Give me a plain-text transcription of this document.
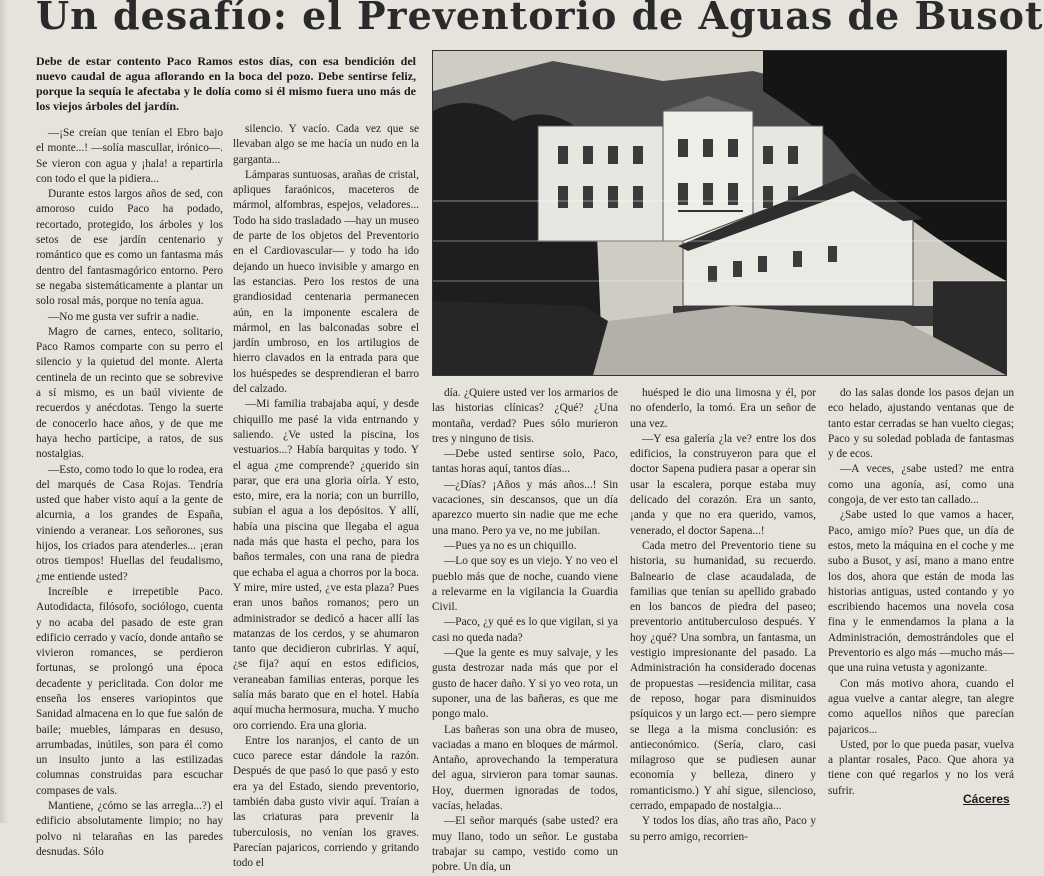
Un desafío: el Preventorio de Aguas de Busot
Debe de estar contento Paco Ramos estos días, con esa bendición del nuevo caudal de agua aflorando en la boca del pozo. Debe sentirse feliz, porque la sequía le afectaba y le dolía como si él mismo fuera uno más de los viejos árboles del jardín.

—¡Se creían que tenían el Ebro bajo el monte...! —solía mascullar, irónico—. Se vieron con agua y ¡hala! a repartirla con todo el que la pidiera...

Durante estos largos años de sed, con amoroso cuido Paco ha podado, recortado, protegido, los árboles y los setos de ese jardín centenario y romántico que es como un fantasma más dentro del fantasmagórico entorno. Pero se negaba sistemáticamente a plantar un solo rosal más, porque no tenía agua.

—No me gusta ver sufrir a nadie.

Magro de carnes, enteco, solitario, Paco Ramos comparte con su perro el silencio y la quietud del monte. Alerta centinela de un recinto que se sobrevive a sí mismo, es un baúl viviente de recuerdos y anécdotas. Tengo la suerte de conocerlo hace años, y de que me haya hecho partícipe, a ratos, de sus nostalgias.

—Esto, como todo lo que lo rodea, era del marqués de Casa Rojas. Tendría usted que haber visto aquí a la gente de alcurnia, a los grandes de España, viniendo a veranear. Los señorones, sus hijos, los criados para atenderles... ¡eran otros tiempos! Huellas del feudalismo, ¿me entiende usted?

Increíble e irrepetible Paco. Autodidacta, filósofo, sociólogo, cuenta y no acaba del pasado de este gran edificio cerrado y vacío, donde antaño se vivieron romances, se perdieron fortunas, se prolongó una época decadente y periclitada. Con dolor me enseña los enseres variopintos que Sanidad almacena en lo que fue salón de baile; muebles, lámparas en desuso, arrumbadas, inútiles, son para él como un insulto junto a las estilizadas columnas construidas para escuchar compases de vals.

Mantiene, ¿cómo se las arregla...?) el edificio absolutamente limpio; no hay polvo ni telarañas en las paredes desnudas. Sólo

silencio. Y vacío. Cada vez que se llevaban algo se me hacía un nudo en la garganta...

Lámparas suntuosas, arañas de cristal, apliques faraónicos, maceteros de mármol, alfombras, espejos, veladores... Todo ha sido trasladado —hay un museo de parte de los objetos del Preventorio en el Cardiovascular— y todo ha ido dejando un hueco invisible y amargo en las estancias. Pero los restos de una grandiosidad centenaria permanecen aún, en la imponente escalera de mármol, en las balconadas sobre el jardín umbroso, en los artilugios de hierro clavados en la entrada para que los huéspedes se desprendieran el barro del calzado.

—Mi familia trabajaba aquí, y desde chiquillo me pasé la vida entrnando y saliendo. ¿Ve usted la piscina, los vestuarios...? Había barquitas y todo. Y el agua ¿me comprende? ¿querido sin parar, que era una gloria oírla. Y esto, esto, mire, era la noria; con un burrillo, subían el agua a los depósitos. Y allí, había una piscina que llegaba el agua nada más que hasta el pecho, para los baños termales, con una rana de piedra que echaba el agua a chorros por la boca. Y mire, mire usted, ¿ve esta plaza? Pues eran unos baños romanos; pero un administrador se dedicó a hacer allí las matanzas de los cerdos, y se ahumaron tanto que decidieron cubrirlas. Y aquí, ¿se fija? aquí en estos edificios, veraneaban familias enteras, porque les salía más barato que en el hotel. Había aquí mucha hermosura, mucha. Y mucho oro corriendo. Era una gloria.

Entre los naranjos, el canto de un cuco parece estar dándole la razón. Después de que pasó lo que pasó y esto era ya del Estado, siendo preventorio, también daba gusto vivir aquí. Traían a las criaturas para prevenir la tuberculosis, no venían los graves. Parecían pajaricos, corriendo y gritando todo el

día. ¿Quiere usted ver los armarios de las historias clínicas? ¿Qué? ¿Una montaña, verdad? Pues sólo murieron tres y ninguno de tisis.

—Debe usted sentirse solo, Paco, tantas horas aquí, tantos días...

—¿Días? ¡Años y más años...! Sin vacaciones, sin descansos, que un día aparezco muerto sin nadie que me eche una mano. Pero ya ve, no me jubilan.

—Pues ya no es un chiquillo.

—Lo que soy es un viejo. Y no veo el pueblo más que de noche, cuando viene a relevarme en la vigilancia la Guardia Civil.

—Paco, ¿y qué es lo que vigilan, si ya casi no queda nada?

—Que la gente es muy salvaje, y les gusta destrozar nada más que por el gusto de hacer daño. Y si yo veo rota, un suponer, una de las bañeras, es que me pongo malo.

Las bañeras son una obra de museo, vaciadas a mano en bloques de mármol. Antaño, aprovechando la temperatura del agua, sirvieron para tomar saunas. Hoy, duermen ignoradas de todos, vacías, heladas.

—El señor marqués (sabe usted? era muy llano, todo un señor. Le gustaba trabajar su campo, vestido como un pobre. Un día, un

huésped le dio una limosna y él, por no ofenderlo, la tomó. Era un señor de una vez.

—Y esa galería ¿la ve? entre los dos edificios, la construyeron para que el doctor Sapena pudiera pasar a operar sin usar la escalera, porque estaba muy delicado del corazón. Era un santo, ¡anda y que no era querido, vamos, venerado, el doctor Sapena...!

Cada metro del Preventorio tiene su historia, su humanidad, su recuerdo. Balneario de clase acaudalada, de familias que tenían su apellido grabado en los bancos de piedra del paseo; preventorio antituberculoso después. Y hoy ¿qué? Una sombra, un fantasma, un vestigio impresionante del pasado. La Administración ha considerado docenas de propuestas —residencia militar, casa de reposo, hogar para disminuidos psíquicos y un largo ect.— pero siempre se llega a la misma conclusión: es antieconómico. (Sería, claro, casi milagroso que se pudiesen aunar economía y belleza, dinero y romanticismo.) Y ahí sigue, silencioso, cerrado, empapado de nostalgia...

Y todos los días, año tras año, Paco y su perro amigo, recorrien-

do las salas donde los pasos dejan un eco helado, ajustando ventanas que de tanto estar cerradas se han vuelto ciegas; Paco y su soledad poblada de fantasmas y de ecos.

—A veces, ¿sabe usted? me entra como una agonía, así, como una congoja, de ver esto tan callado...

¿Sabe usted lo que vamos a hacer, Paco, amigo mío? Pues que, un día de estos, meto la máquina en el coche y me subo a Busot, y así, mano a mano entre los dos, ahora que están de moda las historias antiguas, usted contando y yo escribiendo hacemos una novela cosa fina y le enmendamos la plana a la Administración, demostrándoles que el Preventorio es algo más —mucho más— que una ruina vetusta y agonizante.

Con más motivo ahora, cuando el agua vuelve a cantar alegre, tan alegre como aquellos niños que parecían pajaricos...

Usted, por lo que pueda pasar, vuelva a plantar rosales, Paco. Que ahora ya tiene con qué regarlos y no los verá sufrir.

Cáceres
